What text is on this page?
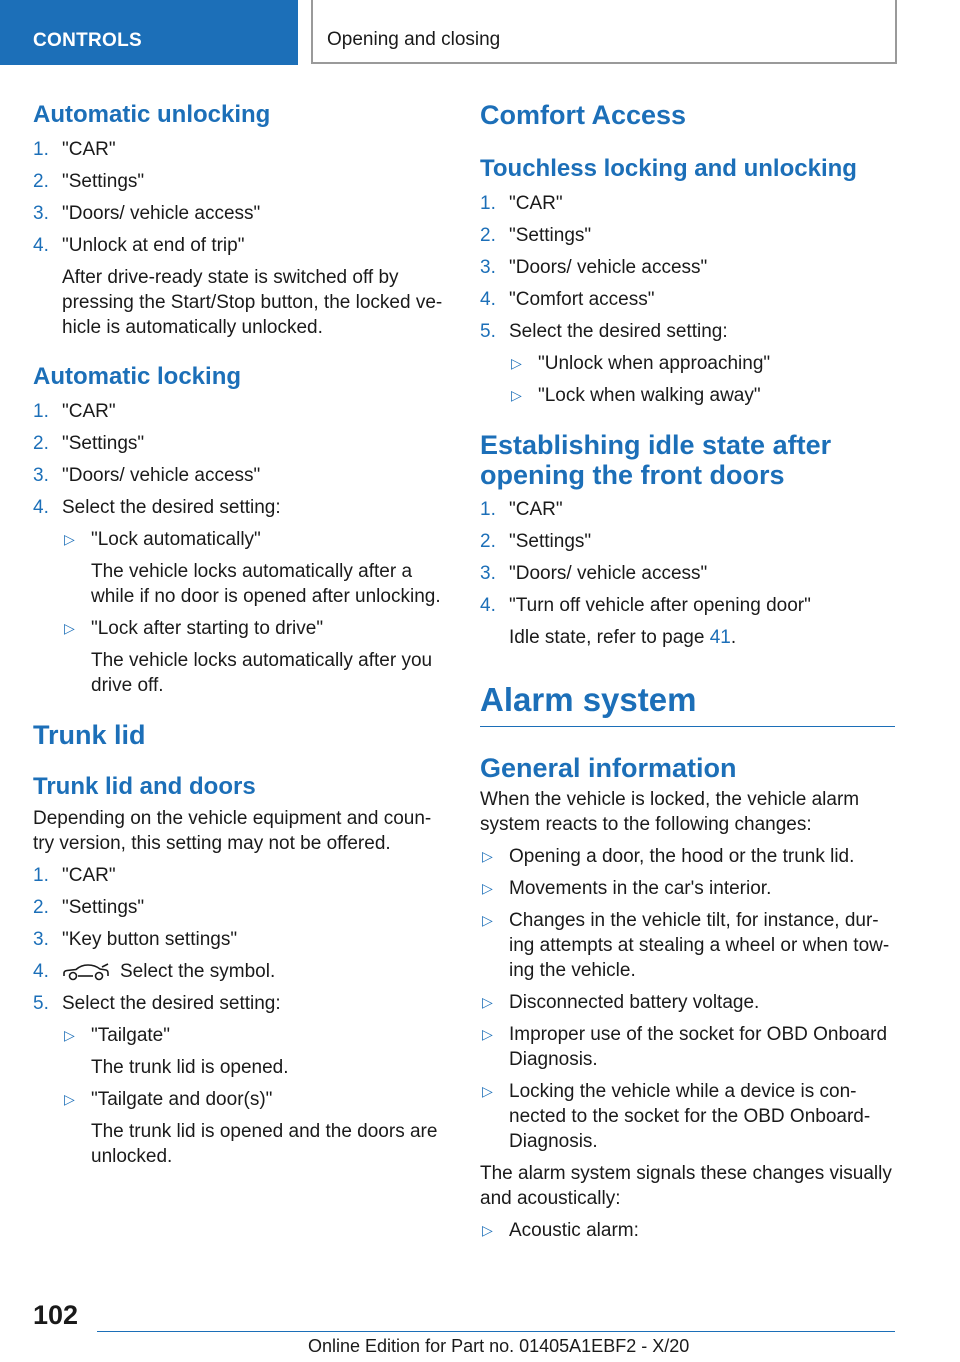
CONTROLS	Opening and closing
Automatic unlocking
1. "CAR"
2. "Settings"
3. "Doors/ vehicle access"
4. "Unlock at end of trip"

After drive-ready state is switched off by pressing the Start/Stop button, the locked ve- hicle is automatically unlocked.

Automatic locking
1. "CAR"
2. "Settings"
3. "Doors/ vehicle access"
4. Select the desired setting:
▷ "Lock automatically"

The vehicle locks automatically after a while if no door is opened after unlocking.

▷ "Lock after starting to drive"

The vehicle locks automatically after you drive off.

Trunk lid
Trunk lid and doors

Depending on the vehicle equipment and coun- try version, this setting may not be offered.

1. "CAR"
2. "Settings"
3. "Key button settings"
4.	Select the symbol.
5. Select the desired setting:
▷ "Tailgate"

The trunk lid is opened.

▷ "Tailgate and door(s)"

The trunk lid is opened and the doors are unlocked.

Comfort Access
Touchless locking and unlocking
1. "CAR"
2. "Settings"
3. "Doors/ vehicle access"
4. "Comfort access"
5. Select the desired setting:
▷ "Unlock when approaching"
▷ "Lock when walking away"
Establishing idle state after opening the front doors
1. "CAR"
2. "Settings"
3. "Doors/ vehicle access"
4. "Turn off vehicle after opening door"

Idle state, refer to page 41.

Alarm system
General information

When the vehicle is locked, the vehicle alarm system reacts to the following changes:

▷ Opening a door, the hood or the trunk lid.
▷ Movements in the car's interior.
▷ Changes in the vehicle tilt, for instance, dur- ing attempts at stealing a wheel or when tow- ing the vehicle.
▷ Disconnected battery voltage.
▷ Improper use of the socket for OBD Onboard Diagnosis.
▷ Locking the vehicle while a device is con- nected to the socket for the OBD Onboard- Diagnosis.

The alarm system signals these changes visually and acoustically:

▷ Acoustic alarm:
102
Online Edition for Part no. 01405A1EBF2 - X/20
